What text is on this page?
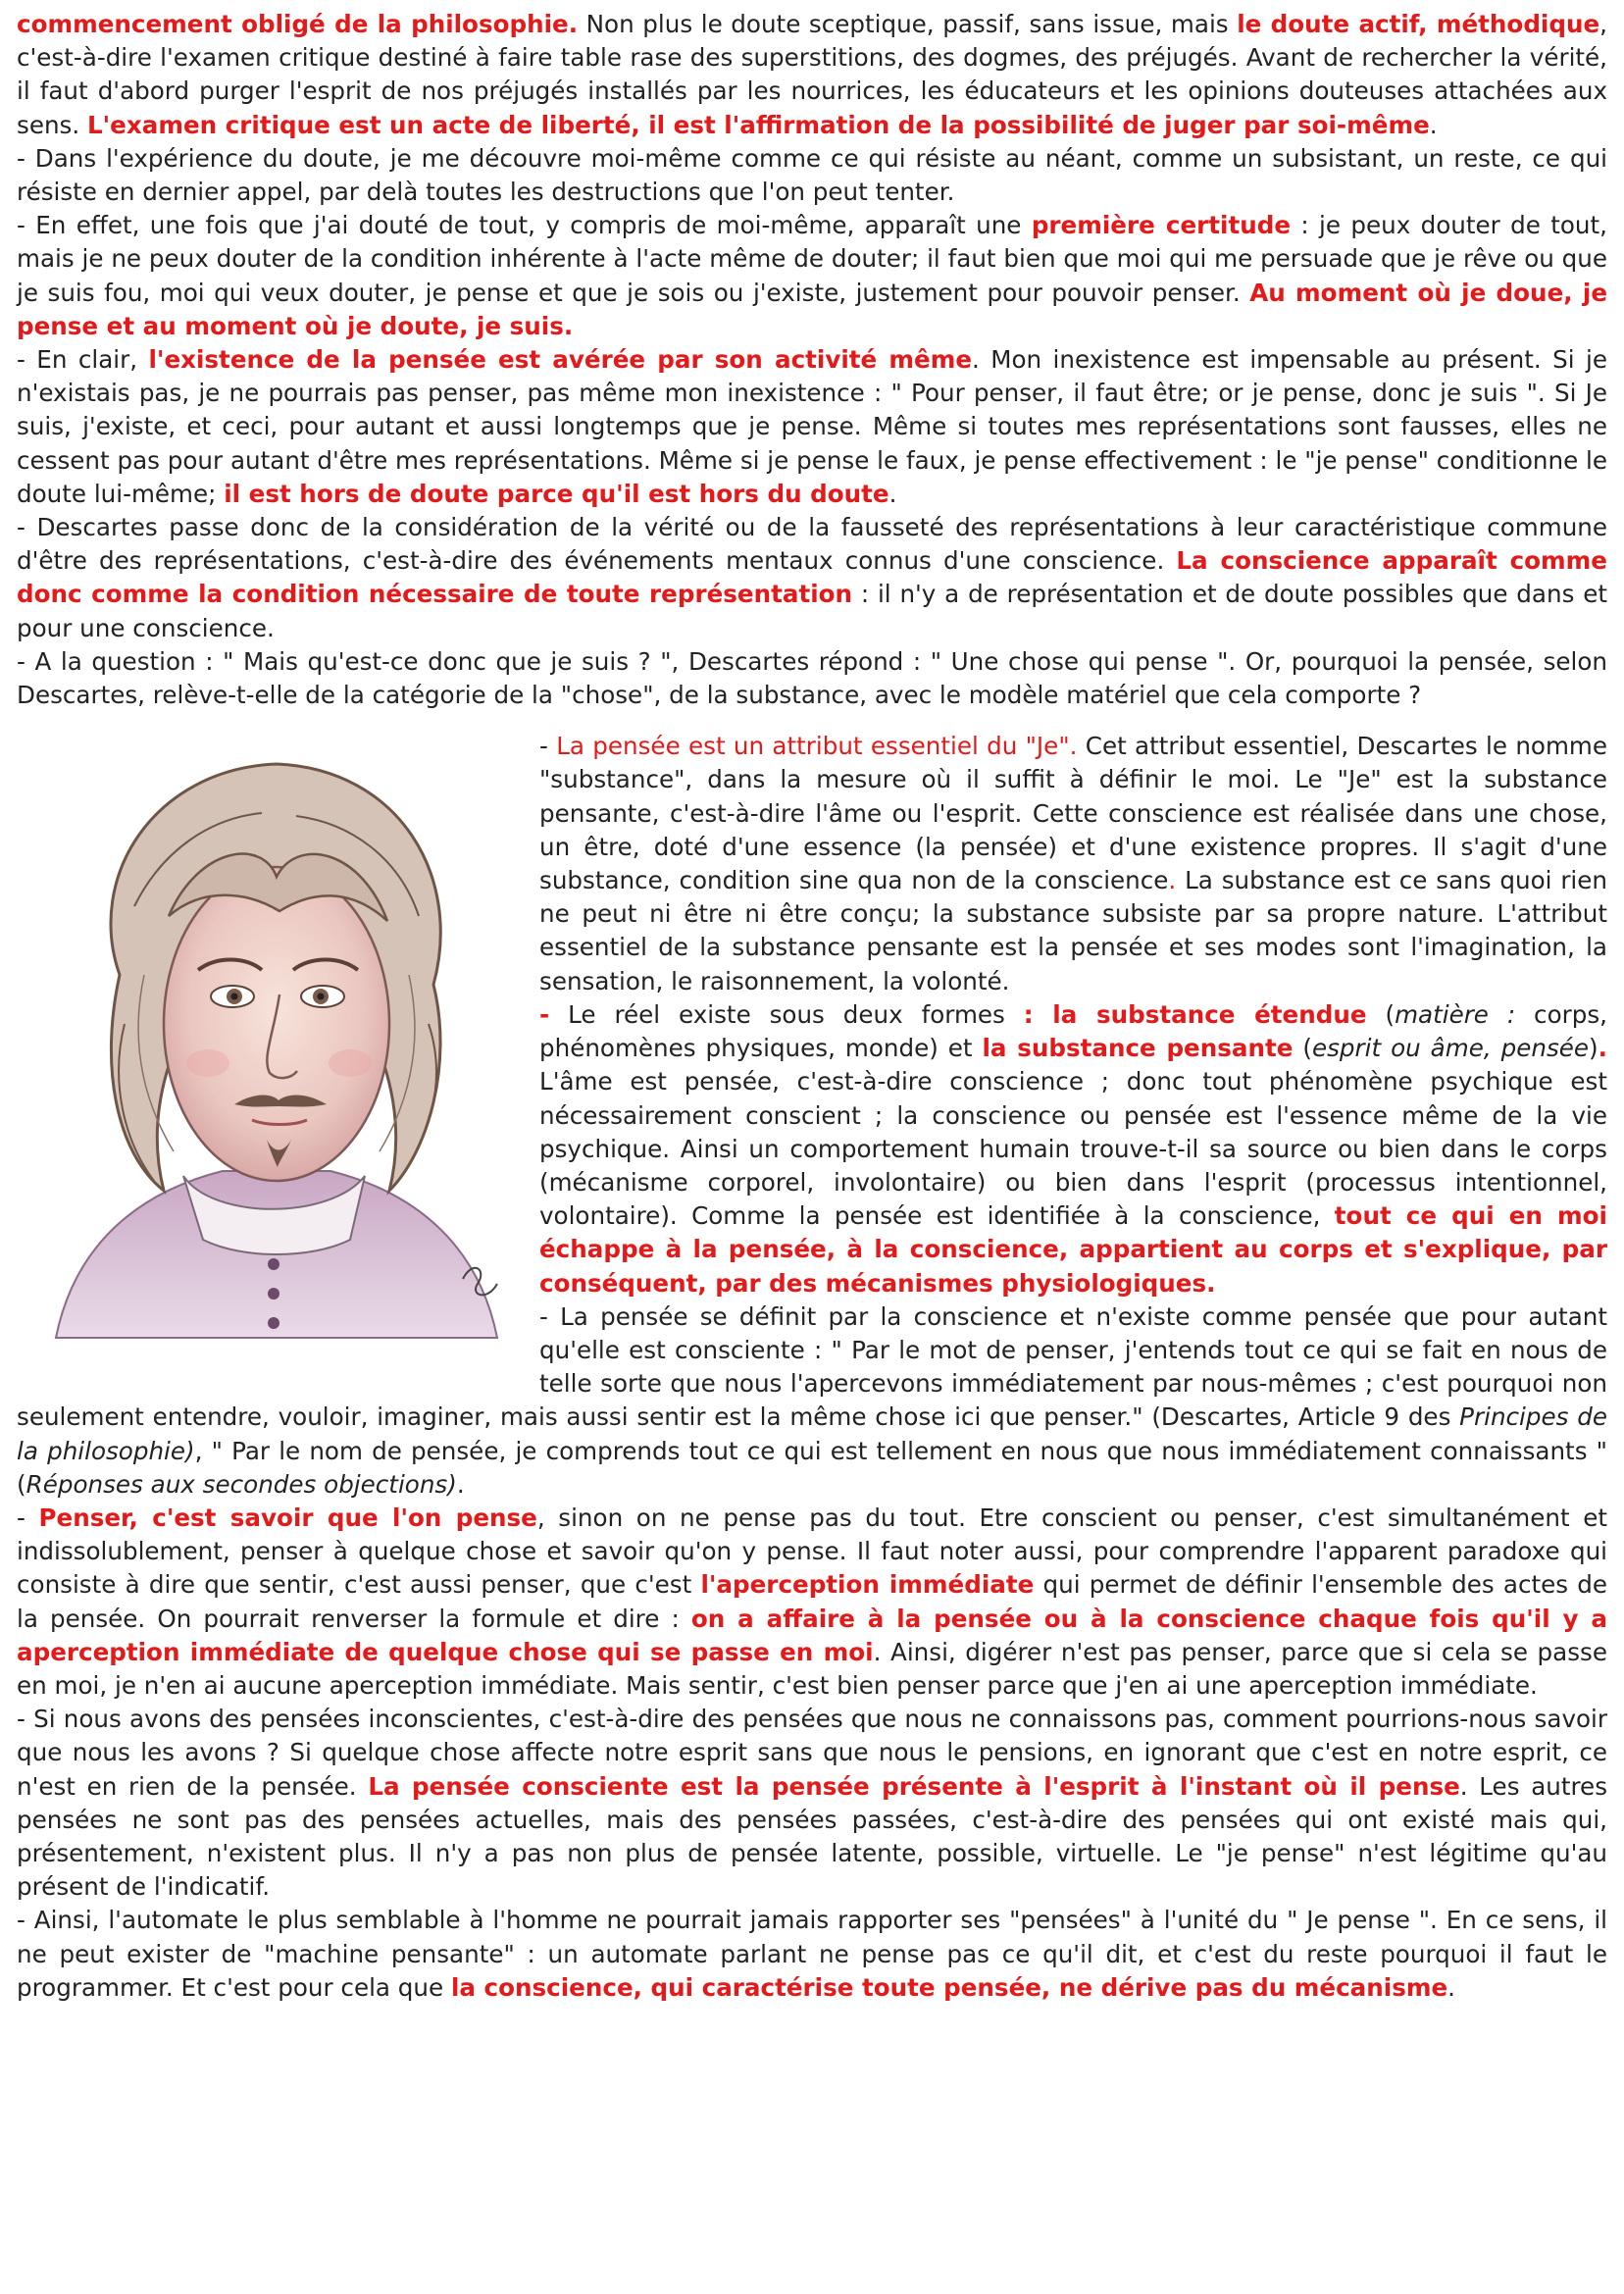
commencement obligé de la philosophie. Non plus le doute sceptique, passif, sans issue, mais le doute actif, méthodique, c'est-à-dire l'examen critique destiné à faire table rase des superstitions, des dogmes, des préjugés. Avant de rechercher la vérité, il faut d'abord purger l'esprit de nos préjugés installés par les nourrices, les éducateurs et les opinions douteuses attachées aux sens. L'examen critique est un acte de liberté, il est l'affirmation de la possibilité de juger par soi-même.

- Dans l'expérience du doute, je me découvre moi-même comme ce qui résiste au néant, comme un subsistant, un reste, ce qui résiste en dernier appel, par delà toutes les destructions que l'on peut tenter.

- En effet, une fois que j'ai douté de tout, y compris de moi-même, apparaît une première certitude : je peux douter de tout, mais je ne peux douter de la condition inhérente à l'acte même de douter; il faut bien que moi qui me persuade que je rêve ou que je suis fou, moi qui veux douter, je pense et que je sois ou j'existe, justement pour pouvoir penser. Au moment où je doue, je pense et au moment où je doute, je suis.

- En clair, l'existence de la pensée est avérée par son activité même. Mon inexistence est impensable au présent. Si je n'existais pas, je ne pourrais pas penser, pas même mon inexistence : " Pour penser, il faut être; or je pense, donc je suis ". Si Je suis, j'existe, et ceci, pour autant et aussi longtemps que je pense. Même si toutes mes représentations sont fausses, elles ne cessent pas pour autant d'être mes représentations. Même si je pense le faux, je pense effectivement : le "je pense" conditionne le doute lui-même; il est hors de doute parce qu'il est hors du doute.

- Descartes passe donc de la considération de la vérité ou de la fausseté des représentations à leur caractéristique commune d'être des représentations, c'est-à-dire des événements mentaux connus d'une conscience. La conscience apparaît comme donc comme la condition nécessaire de toute représentation : il n'y a de représentation et de doute possibles que dans et pour une conscience.

- A la question : " Mais qu'est-ce donc que je suis ? ", Descartes répond : " Une chose qui pense ". Or, pourquoi la pensée, selon Descartes, relève-t-elle de la catégorie de la "chose", de la substance, avec le modèle matériel que cela comporte ?

- La pensée est un attribut essentiel du "Je". Cet attribut essentiel, Descartes le nomme "substance", dans la mesure où il suffit à définir le moi. Le "Je" est la substance pensante, c'est-à-dire l'âme ou l'esprit. Cette conscience est réalisée dans une chose, un être, doté d'une essence (la pensée) et d'une existence propres. Il s'agit d'une substance, condition sine qua non de la conscience. La substance est ce sans quoi rien ne peut ni être ni être conçu; la substance subsiste par sa propre nature. L'attribut essentiel de la substance pensante est la pensée et ses modes sont l'imagination, la sensation, le raisonnement, la volonté.

- Le réel existe sous deux formes : la substance étendue (matière : corps, phénomènes physiques, monde) et la substance pensante (esprit ou âme, pensée). L'âme est pensée, c'est-à-dire conscience ; donc tout phénomène psychique est nécessairement conscient ; la conscience ou pensée est l'essence même de la vie psychique. Ainsi un comportement humain trouve-t-il sa source ou bien dans le corps (mécanisme corporel, involontaire) ou bien dans l'esprit (processus intentionnel, volontaire). Comme la pensée est identifiée à la conscience, tout ce qui en moi échappe à la pensée, à la conscience, appartient au corps et s'explique, par conséquent, par des mécanismes physiologiques.

- La pensée se définit par la conscience et n'existe comme pensée que pour autant qu'elle est consciente : " Par le mot de penser, j'entends tout ce qui se fait en nous de telle sorte que nous l'apercevons immédiatement par nous-mêmes ; c'est pourquoi non seulement entendre, vouloir, imaginer, mais aussi sentir est la même chose ici que penser." (Descartes, Article 9 des Principes de la philosophie), " Par le nom de pensée, je comprends tout ce qui est tellement en nous que nous immédiatement connaissants " (Réponses aux secondes objections).

- Penser, c'est savoir que l'on pense, sinon on ne pense pas du tout. Etre conscient ou penser, c'est simultanément et indissolublement, penser à quelque chose et savoir qu'on y pense. Il faut noter aussi, pour comprendre l'apparent paradoxe qui consiste à dire que sentir, c'est aussi penser, que c'est l'aperception immédiate qui permet de définir l'ensemble des actes de la pensée. On pourrait renverser la formule et dire : on a affaire à la pensée ou à la conscience chaque fois qu'il y a aperception immédiate de quelque chose qui se passe en moi. Ainsi, digérer n'est pas penser, parce que si cela se passe en moi, je n'en ai aucune aperception immédiate. Mais sentir, c'est bien penser parce que j'en ai une aperception immédiate.

- Si nous avons des pensées inconscientes, c'est-à-dire des pensées que nous ne connaissons pas, comment pourrions-nous savoir que nous les avons ? Si quelque chose affecte notre esprit sans que nous le pensions, en ignorant que c'est en notre esprit, ce n'est en rien de la pensée. La pensée consciente est la pensée présente à l'esprit à l'instant où il pense. Les autres pensées ne sont pas des pensées actuelles, mais des pensées passées, c'est-à-dire des pensées qui ont existé mais qui, présentement, n'existent plus. Il n'y a pas non plus de pensée latente, possible, virtuelle. Le "je pense" n'est légitime qu'au présent de l'indicatif.

- Ainsi, l'automate le plus semblable à l'homme ne pourrait jamais rapporter ses "pensées" à l'unité du " Je pense ". En ce sens, il ne peut exister de "machine pensante" : un automate parlant ne pense pas ce qu'il dit, et c'est du reste pourquoi il faut le programmer. Et c'est pour cela que la conscience, qui caractérise toute pensée, ne dérive pas du mécanisme.
